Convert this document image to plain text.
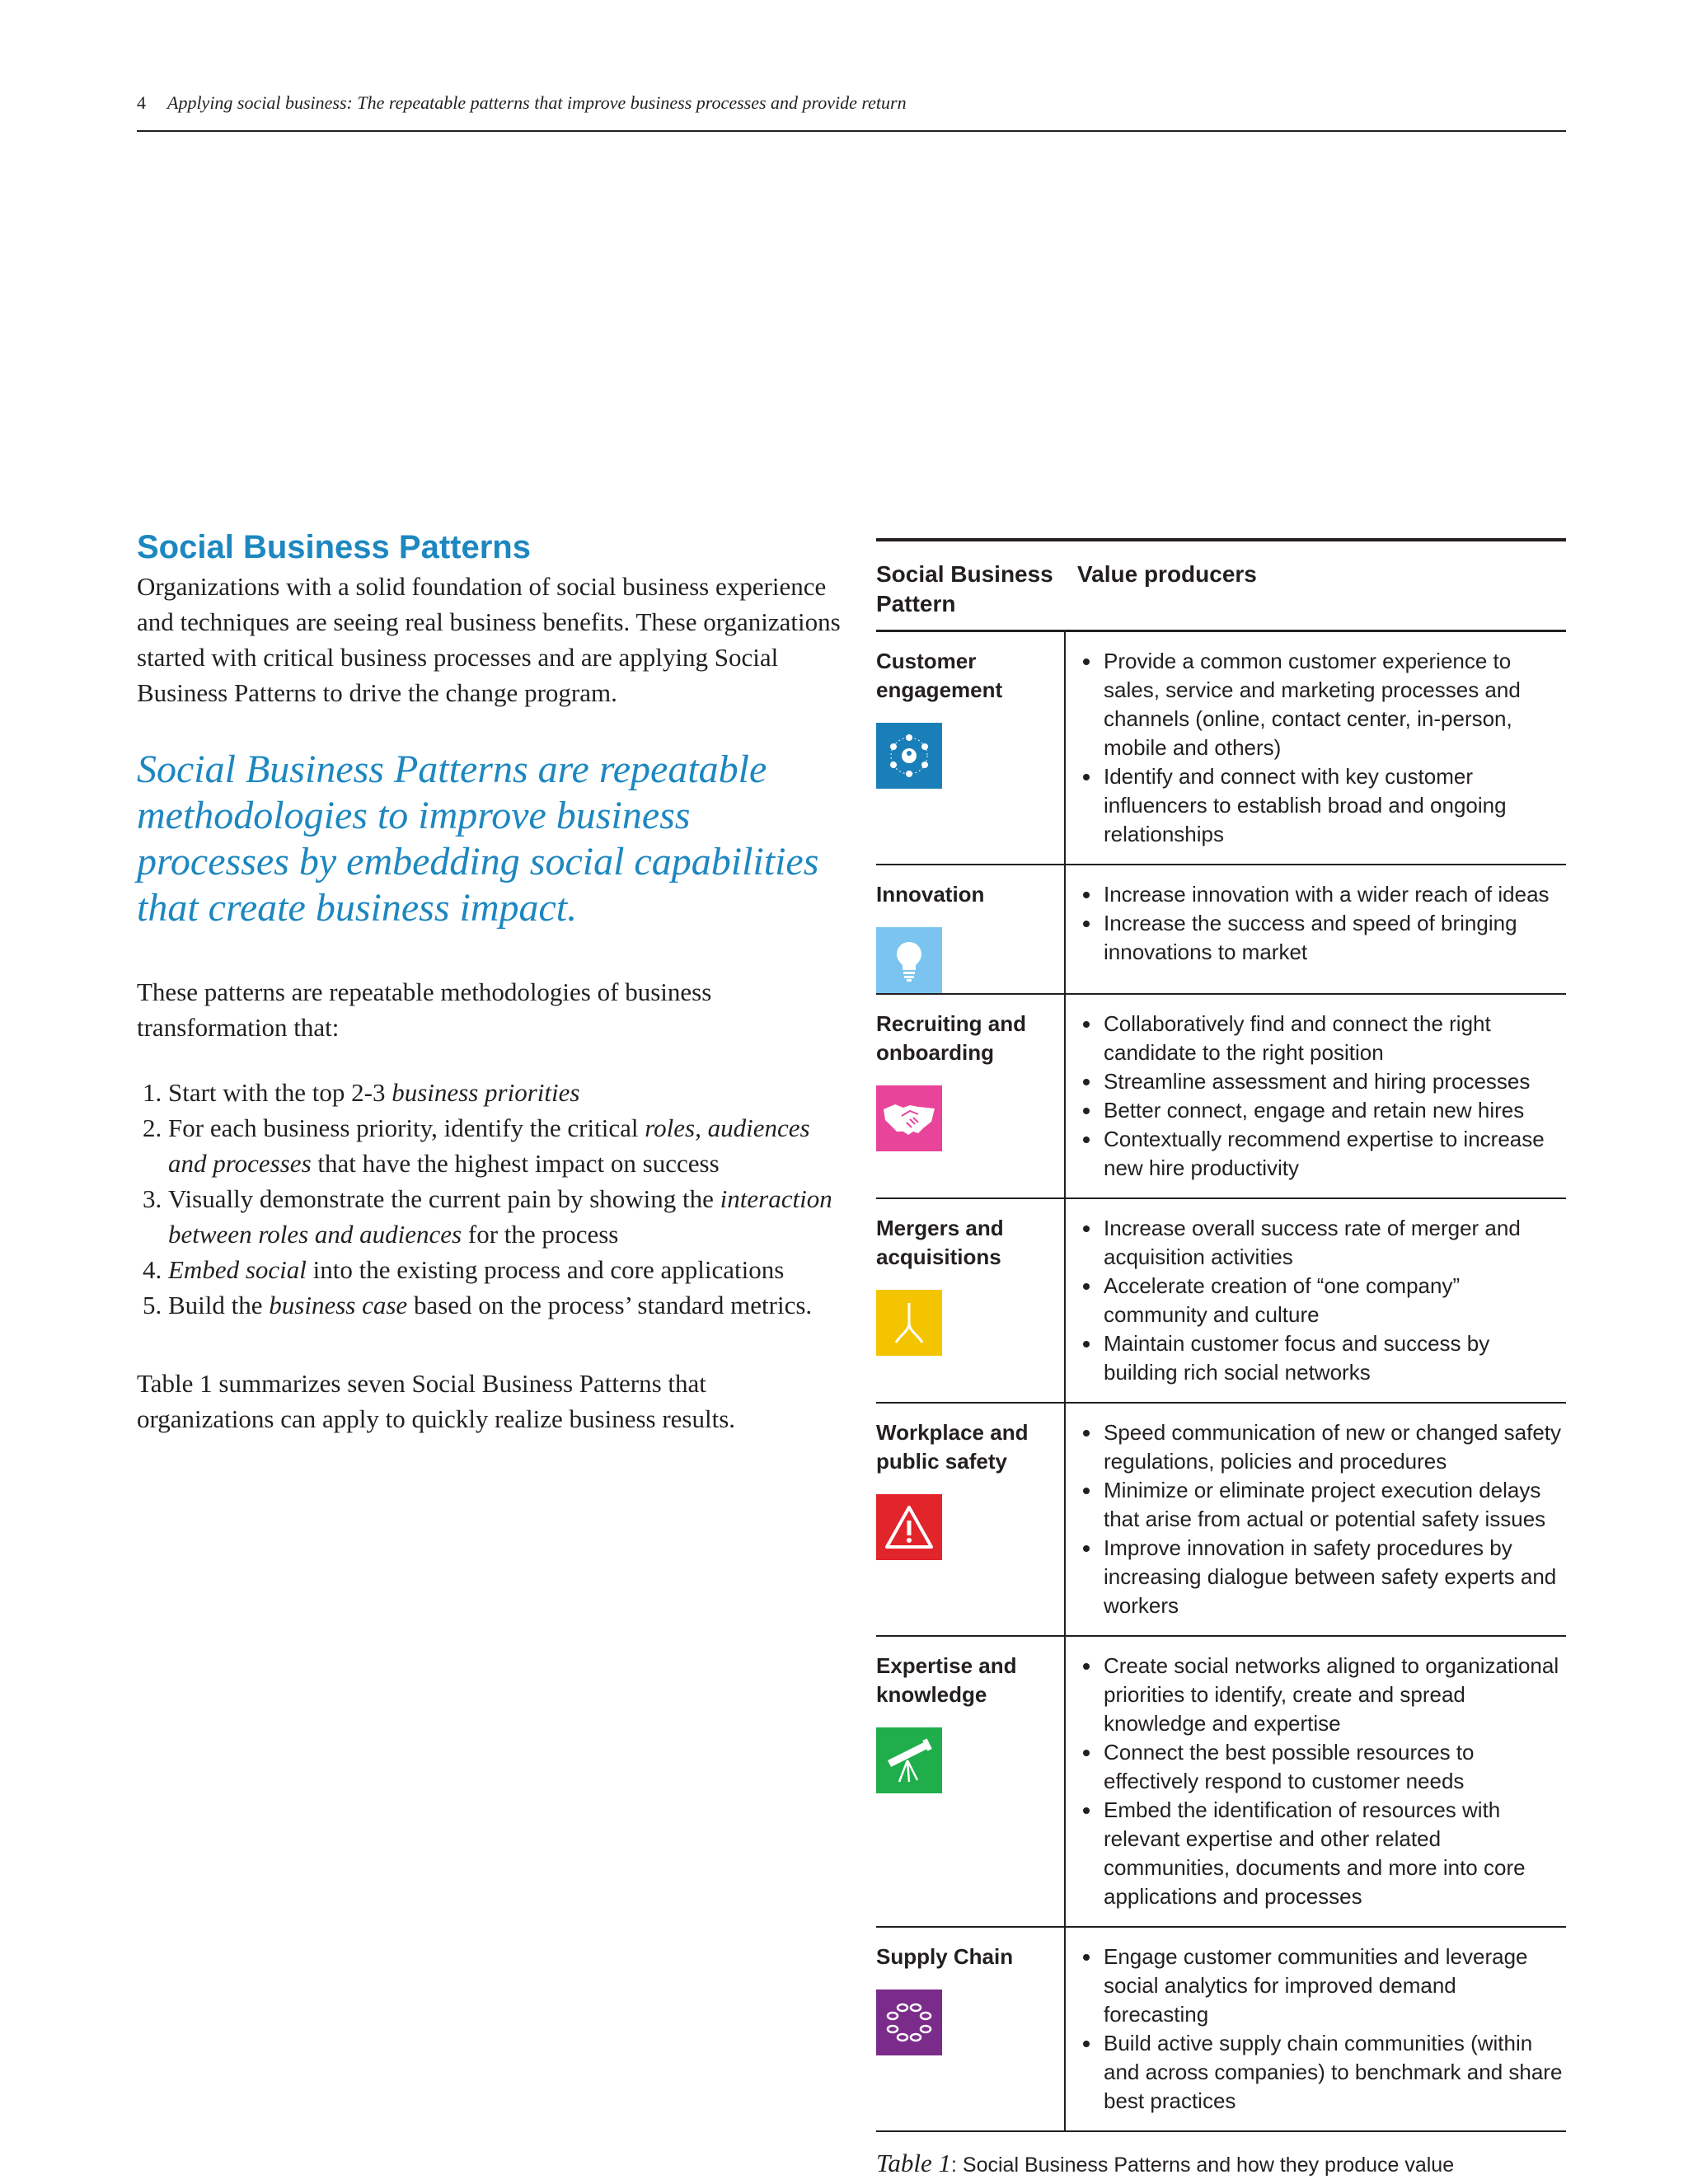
4 Applying social business: The repeatable patterns that improve business processes and provide return
Social Business Patterns

Organizations with a solid foundation of social business experience and techniques are seeing real business benefits. These organizations started with critical business processes and are applying Social Business Patterns to drive the change program.

Social Business Patterns are repeatable methodologies to improve business processes by embedding social capabilities that create business impact.

These patterns are repeatable methodologies of business transformation that:

1. Start with the top 2-3 business priorities
2. For each business priority, identify the critical roles, audiences and processes that have the highest impact on success
3. Visually demonstrate the current pain by showing the interaction between roles and audiences for the process
4. Embed social into the existing process and core applications
5. Build the business case based on the process’ standard metrics.

Table 1 summarizes seven Social Business Patterns that organizations can apply to quickly realize business results.

Social Business Pattern
Value producers
Customer engagement
• Provide a common customer experience to sales, service and marketing processes and channels (online, contact center, in-person, mobile and others)
• Identify and connect with key customer influencers to establish broad and ongoing relationships
Innovation	• Increase innovation with a wider reach of ideas
• Increase the success and speed of bringing innovations to market
Recruiting and onboarding
• Collaboratively find and connect the right candidate to the right position
• Streamline assessment and hiring processes
• Better connect, engage and retain new hires
• Contextually recommend expertise to increase new hire productivity
Mergers and acquisitions
• Increase overall success rate of merger and acquisition activities
• Accelerate creation of “one company” community and culture
• Maintain customer focus and success by building rich social networks
Workplace and public safety
• Speed communication of new or changed safety regulations, policies and procedures
• Minimize or eliminate project execution delays that arise from actual or potential safety issues
• Improve innovation in safety procedures by increasing dialogue between safety experts and workers
Expertise and knowledge
• Create social networks aligned to organizational priorities to identify, create and spread knowledge and expertise
• Connect the best possible resources to effectively respond to customer needs
• Embed the identification of resources with relevant expertise and other related communities, documents and more into core applications and processes
Supply Chain	• Engage customer communities and leverage social analytics for improved demand forecasting
• Build active supply chain communities (within and across companies) to benchmark and share best practices
Table 1: Social Business Patterns and how they produce value
